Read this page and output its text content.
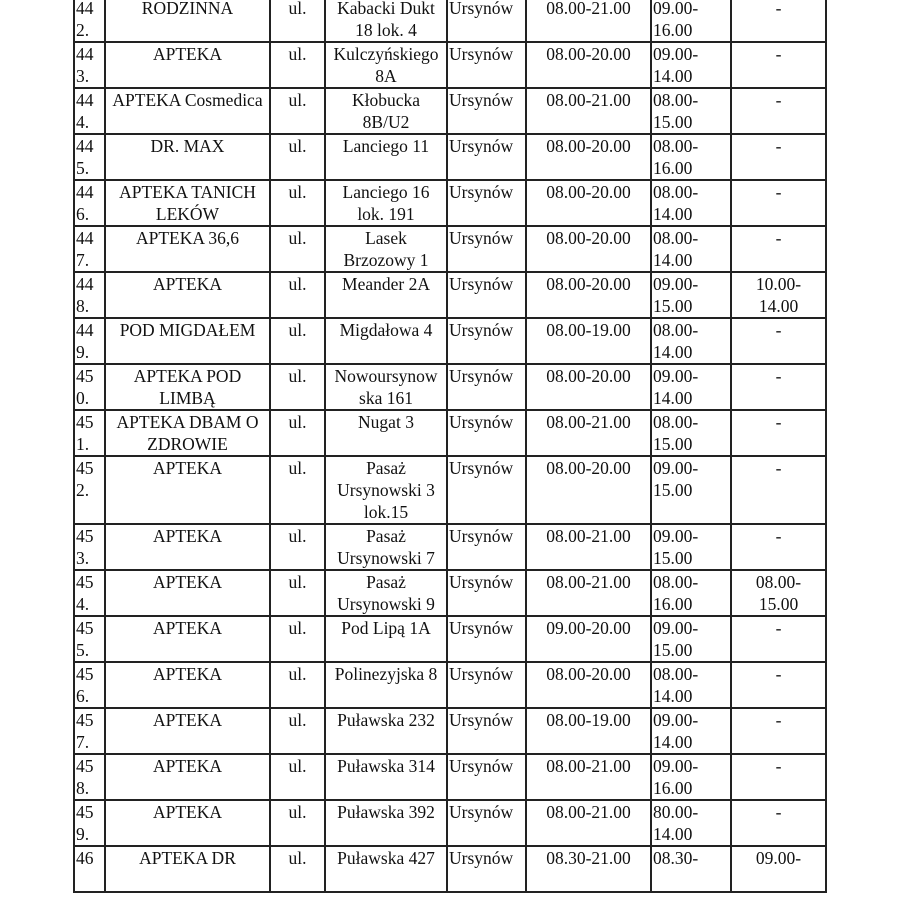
44
2.	RODZINNA	ul.	Kabacki Dukt
18 lok. 4	Ursynów	08.00-21.00	09.00-
16.00	-

44
3.	APTEKA	ul.	Kulczyńskiego
8A	Ursynów	08.00-20.00	09.00-
14.00	-

44
4.	APTEKA Cosmedica	ul.	Kłobucka
8B/U2	Ursynów	08.00-21.00	08.00-
15.00	-

44
5.	DR. MAX	ul.	Lanciego 11	Ursynów	08.00-20.00	08.00-
16.00	-

44
6.	APTEKA TANICH
LEKÓW	ul.	Lanciego 16
lok. 191	Ursynów	08.00-20.00	08.00-
14.00	-

44
7.	APTEKA 36,6	ul.	Lasek
Brzozowy 1	Ursynów	08.00-20.00	08.00-
14.00	-

44
8.	APTEKA	ul.	Meander 2A	Ursynów	08.00-20.00	09.00-
15.00	10.00-
14.00

44
9.	POD MIGDAŁEM	ul.	Migdałowa 4	Ursynów	08.00-19.00	08.00-
14.00	-

45
0.	APTEKA POD
LIMBĄ	ul.	Nowoursynow
ska 161	Ursynów	08.00-20.00	09.00-
14.00	-

45
1.	APTEKA DBAM O
ZDROWIE	ul.	Nugat 3	Ursynów	08.00-21.00	08.00-
15.00	-

45
2.	APTEKA	ul.	Pasaż
Ursynowski 3
lok.15	Ursynów	08.00-20.00	09.00-
15.00	-

45
3.	APTEKA	ul.	Pasaż
Ursynowski 7	Ursynów	08.00-21.00	09.00-
15.00	-

45
4.	APTEKA	ul.	Pasaż
Ursynowski 9	Ursynów	08.00-21.00	08.00-
16.00	08.00-
15.00

45
5.	APTEKA	ul.	Pod Lipą 1A	Ursynów	09.00-20.00	09.00-
15.00	-

45
6.	APTEKA	ul.	Polinezyjska 8	Ursynów	08.00-20.00	08.00-
14.00	-

45
7.	APTEKA	ul.	Puławska 232	Ursynów	08.00-19.00	09.00-
14.00	-

45
8.	APTEKA	ul.	Puławska 314	Ursynów	08.00-21.00	09.00-
16.00	-

45
9.	APTEKA	ul.	Puławska 392	Ursynów	08.00-21.00	80.00-
14.00	-

46	APTEKA DR	ul.	Puławska 427	Ursynów	08.30-21.00	08.30-	09.00-
